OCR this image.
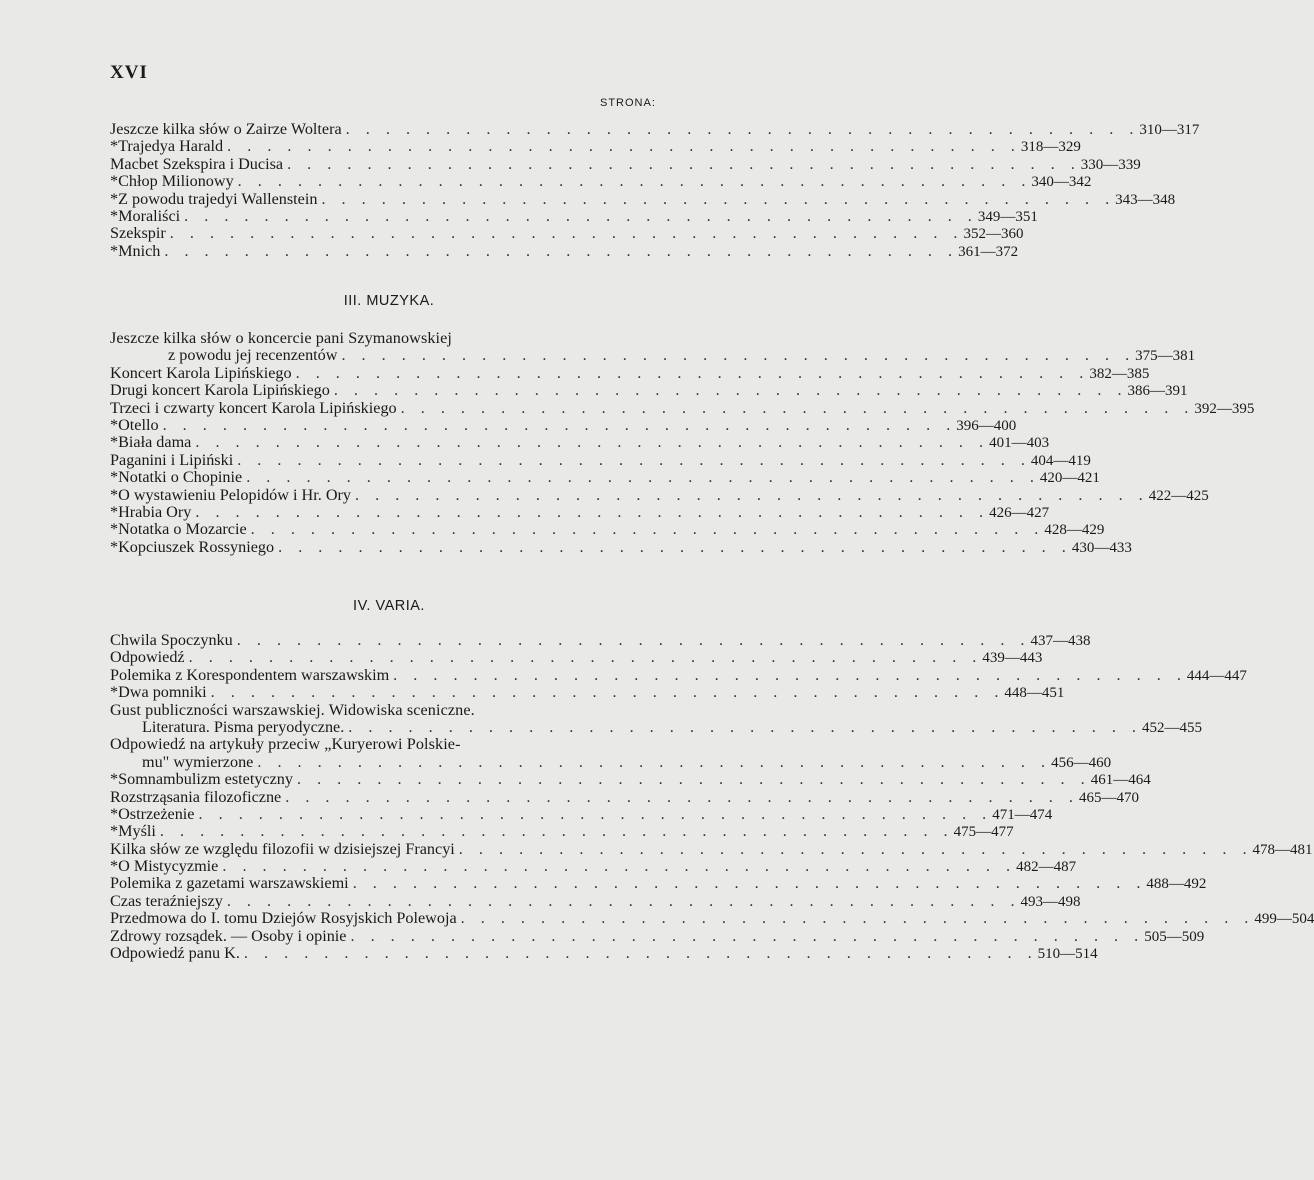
XVI
STRONA:
Jeszcze kilka słów o Zairze Woltera . . . . . . . . . . . . . . . . . . . . . . . . . . . . . . . . . . . . . . . . 310—317
*Trajedya Harald . . . . . . . . . . . . . . . . . . . . . . . . . . . . . . . . . . . . . . . . 318—329
Macbet Szekspira i Ducisa . . . . . . . . . . . . . . . . . . . . . . . . . . . . . . . . . . . . . . . . 330—339
*Chłop Milionowy . . . . . . . . . . . . . . . . . . . . . . . . . . . . . . . . . . . . . . . . 340—342
*Z powodu trajedyi Wallenstein . . . . . . . . . . . . . . . . . . . . . . . . . . . . . . . . . . . . . . . . 343—348
*Moraliści . . . . . . . . . . . . . . . . . . . . . . . . . . . . . . . . . . . . . . . . 349—351
Szekspir . . . . . . . . . . . . . . . . . . . . . . . . . . . . . . . . . . . . . . . . 352—360
*Mnich . . . . . . . . . . . . . . . . . . . . . . . . . . . . . . . . . . . . . . . . 361—372
III. MUZYKA.
Jeszcze kilka słów o koncercie pani Szymanowskiej
z powodu jej recenzentów . . . . . . . . . . . . . . . . . . . . . . . . . . . . . . . . . . . . . . . . 375—381
Koncert Karola Lipińskiego . . . . . . . . . . . . . . . . . . . . . . . . . . . . . . . . . . . . . . . . 382—385
Drugi koncert Karola Lipińskiego . . . . . . . . . . . . . . . . . . . . . . . . . . . . . . . . . . . . . . . . 386—391
Trzeci i czwarty koncert Karola Lipińskiego . . . . . . . . . . . . . . . . . . . . . . . . . . . . . . . . . . . . . . . . 392—395
*Otello . . . . . . . . . . . . . . . . . . . . . . . . . . . . . . . . . . . . . . . . 396—400
*Biała dama . . . . . . . . . . . . . . . . . . . . . . . . . . . . . . . . . . . . . . . . 401—403
Paganini i Lipiński . . . . . . . . . . . . . . . . . . . . . . . . . . . . . . . . . . . . . . . . 404—419
*Notatki o Chopinie . . . . . . . . . . . . . . . . . . . . . . . . . . . . . . . . . . . . . . . . 420—421
*O wystawieniu Pelopidów i Hr. Ory . . . . . . . . . . . . . . . . . . . . . . . . . . . . . . . . . . . . . . . . 422—425
*Hrabia Ory . . . . . . . . . . . . . . . . . . . . . . . . . . . . . . . . . . . . . . . . 426—427
*Notatka o Mozarcie . . . . . . . . . . . . . . . . . . . . . . . . . . . . . . . . . . . . . . . . 428—429
*Kopciuszek Rossyniego . . . . . . . . . . . . . . . . . . . . . . . . . . . . . . . . . . . . . . . . 430—433
IV. VARIA.
Chwila Spoczynku . . . . . . . . . . . . . . . . . . . . . . . . . . . . . . . . . . . . . . . . 437—438
Odpowiedź . . . . . . . . . . . . . . . . . . . . . . . . . . . . . . . . . . . . . . . . 439—443
Polemika z Korespondentem warszawskim . . . . . . . . . . . . . . . . . . . . . . . . . . . . . . . . . . . . . . . . 444—447
*Dwa pomniki . . . . . . . . . . . . . . . . . . . . . . . . . . . . . . . . . . . . . . . . 448—451
Gust publiczności warszawskiej. Widowiska sceniczne.
Literatura. Pisma peryodyczne. . . . . . . . . . . . . . . . . . . . . . . . . . . . . . . . . . . . . . . . . 452—455
Odpowiedź na artykuły przeciw „Kuryerowi Polskie-
mu" wymierzone . . . . . . . . . . . . . . . . . . . . . . . . . . . . . . . . . . . . . . . . 456—460
*Somnambulizm estetyczny . . . . . . . . . . . . . . . . . . . . . . . . . . . . . . . . . . . . . . . . 461—464
Rozstrząsania filozoficzne . . . . . . . . . . . . . . . . . . . . . . . . . . . . . . . . . . . . . . . . 465—470
*Ostrzeżenie . . . . . . . . . . . . . . . . . . . . . . . . . . . . . . . . . . . . . . . . 471—474
*Myśli . . . . . . . . . . . . . . . . . . . . . . . . . . . . . . . . . . . . . . . . 475—477
Kilka słów ze względu filozofii w dzisiejszej Francyi . . . . . . . . . . . . . . . . . . . . . . . . . . . . . . . . . . . . . . . . 478—481
*O Mistycyzmie . . . . . . . . . . . . . . . . . . . . . . . . . . . . . . . . . . . . . . . . 482—487
Polemika z gazetami warszawskiemi . . . . . . . . . . . . . . . . . . . . . . . . . . . . . . . . . . . . . . . . 488—492
Czas teraźniejszy . . . . . . . . . . . . . . . . . . . . . . . . . . . . . . . . . . . . . . . . 493—498
Przedmowa do I. tomu Dziejów Rosyjskich Polewoja . . . . . . . . . . . . . . . . . . . . . . . . . . . . . . . . . . . . . . . . 499—504
Zdrowy rozsądek. — Osoby i opinie . . . . . . . . . . . . . . . . . . . . . . . . . . . . . . . . . . . . . . . . 505—509
Odpowiedź panu K. . . . . . . . . . . . . . . . . . . . . . . . . . . . . . . . . . . . . . . . . 510—514
